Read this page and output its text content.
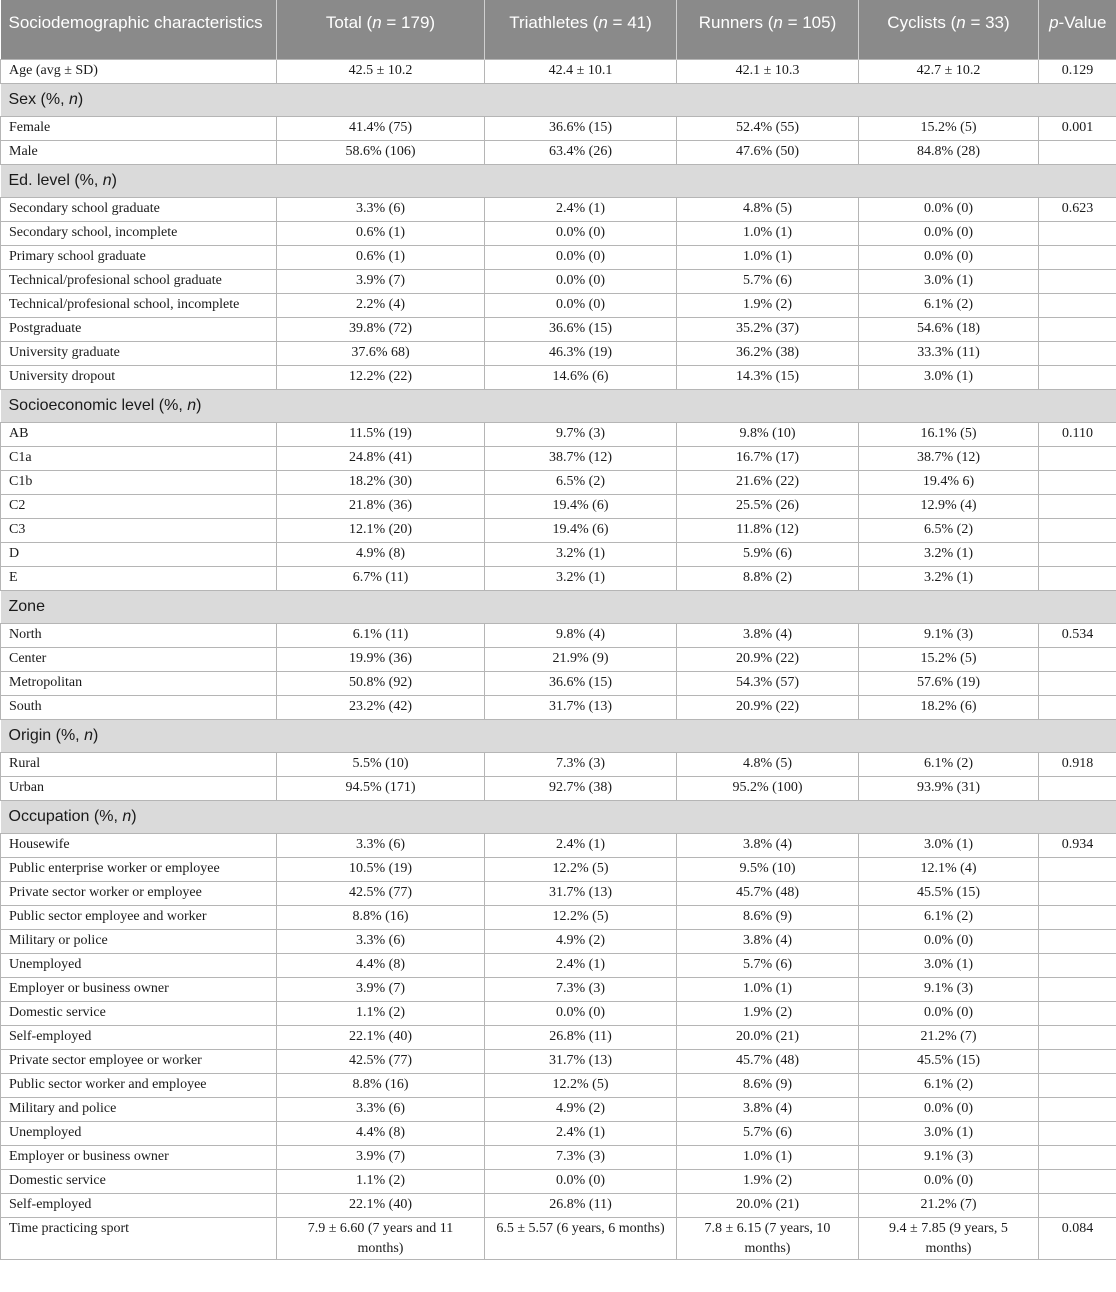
Sociodemographic characteristics	Total (n = 179)	Triathletes (n = 41)	Runners (n = 105)	Cyclists (n = 33)	p-Value
Age (avg ± SD)	42.5 ± 10.2	42.4 ± 10.1	42.1 ± 10.3	42.7 ± 10.2	0.129
Sex (%, n)					
Female	41.4% (75)	36.6% (15)	52.4% (55)	15.2% (5)	0.001
Male	58.6% (106)	63.4% (26)	47.6% (50)	84.8% (28)	
Ed. level (%, n)					
Secondary school graduate	3.3% (6)	2.4% (1)	4.8% (5)	0.0% (0)	0.623
Secondary school, incomplete	0.6% (1)	0.0% (0)	1.0% (1)	0.0% (0)	
Primary school graduate	0.6% (1)	0.0% (0)	1.0% (1)	0.0% (0)	
Technical/profesional school graduate	3.9% (7)	0.0% (0)	5.7% (6)	3.0% (1)	
Technical/profesional school, incomplete	2.2% (4)	0.0% (0)	1.9% (2)	6.1% (2)	
Postgraduate	39.8% (72)	36.6% (15)	35.2% (37)	54.6% (18)	
University graduate	37.6% 68)	46.3% (19)	36.2% (38)	33.3% (11)	
University dropout	12.2% (22)	14.6% (6)	14.3% (15)	3.0% (1)	
Socioeconomic level (%, n)					
AB	11.5% (19)	9.7% (3)	9.8% (10)	16.1% (5)	0.110
C1a	24.8% (41)	38.7% (12)	16.7% (17)	38.7% (12)	
C1b	18.2% (30)	6.5% (2)	21.6% (22)	19.4% 6)	
C2	21.8% (36)	19.4% (6)	25.5% (26)	12.9% (4)	
C3	12.1% (20)	19.4% (6)	11.8% (12)	6.5% (2)	
D	4.9% (8)	3.2% (1)	5.9% (6)	3.2% (1)	
E	6.7% (11)	3.2% (1)	8.8% (2)	3.2% (1)	
Zone					
North	6.1% (11)	9.8% (4)	3.8% (4)	9.1% (3)	0.534
Center	19.9% (36)	21.9% (9)	20.9% (22)	15.2% (5)	
Metropolitan	50.8% (92)	36.6% (15)	54.3% (57)	57.6% (19)	
South	23.2% (42)	31.7% (13)	20.9% (22)	18.2% (6)	
Origin (%, n)					
Rural	5.5% (10)	7.3% (3)	4.8% (5)	6.1% (2)	0.918
Urban	94.5% (171)	92.7% (38)	95.2% (100)	93.9% (31)	
Occupation (%, n)					
Housewife	3.3% (6)	2.4% (1)	3.8% (4)	3.0% (1)	0.934
Public enterprise worker or employee	10.5% (19)	12.2% (5)	9.5% (10)	12.1% (4)	
Private sector worker or employee	42.5% (77)	31.7% (13)	45.7% (48)	45.5% (15)	
Public sector employee and worker	8.8% (16)	12.2% (5)	8.6% (9)	6.1% (2)	
Military or police	3.3% (6)	4.9% (2)	3.8% (4)	0.0% (0)	
Unemployed	4.4% (8)	2.4% (1)	5.7% (6)	3.0% (1)	
Employer or business owner	3.9% (7)	7.3% (3)	1.0% (1)	9.1% (3)	
Domestic service	1.1% (2)	0.0% (0)	1.9% (2)	0.0% (0)	
Self-employed	22.1% (40)	26.8% (11)	20.0% (21)	21.2% (7)	
Private sector employee or worker	42.5% (77)	31.7% (13)	45.7% (48)	45.5% (15)	
Public sector worker and employee	8.8% (16)	12.2% (5)	8.6% (9)	6.1% (2)	
Military and police	3.3% (6)	4.9% (2)	3.8% (4)	0.0% (0)	
Unemployed	4.4% (8)	2.4% (1)	5.7% (6)	3.0% (1)	
Employer or business owner	3.9% (7)	7.3% (3)	1.0% (1)	9.1% (3)	
Domestic service	1.1% (2)	0.0% (0)	1.9% (2)	0.0% (0)	
Self-employed	22.1% (40)	26.8% (11)	20.0% (21)	21.2% (7)	
Time practicing sport	7.9 ± 6.60 (7 years and 11 months)	6.5 ± 5.57 (6 years, 6 months)	7.8 ± 6.15 (7 years, 10 months)	9.4 ± 7.85 (9 years, 5 months)	0.084
